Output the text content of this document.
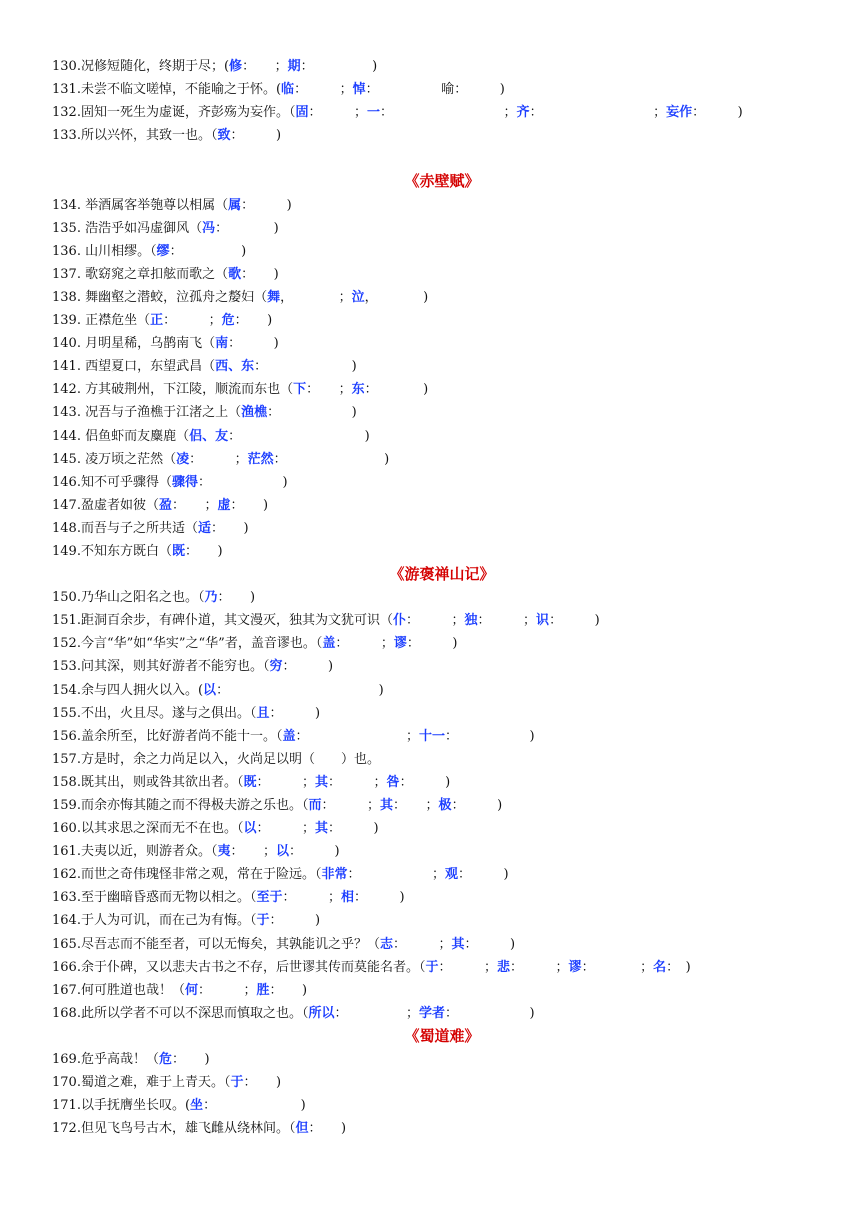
130.况修短随化，终期于尽；(修：　　；期：　　　　　)
131.未尝不临文嗟悼，不能喻之于怀。(临：　　　；悼：　　　　　 喻：　　　)
132.固知一死生为虚诞，齐彭殇为妄作。（固：　　　；一：　　　　　　　　　；齐：　　　　　　　　　；妄作：　　　)
133.所以兴怀，其致一也。（致：　　　)
《赤壁赋》
134. 举酒属客举匏尊以相属（属：　　　)
135. 浩浩乎如冯虚御风（冯：　　　　)
136. 山川相缪。（缪：　　　　　)
137. 歌窈窕之章扣舷而歌之（歌：　　)
138. 舞幽壑之潜蛟，泣孤舟之嫠妇（舞，　　　　；泣，　　　　)
139. 正襟危坐（正：　　　；危：　　)
140. 月明星稀，乌鹊南飞（南：　　　)
141. 西望夏口，东望武昌（西、东：　　　　　　　)
142. 方其破荆州，下江陵，顺流而东也（下：　　；东：　　　　)
143. 况吾与子渔樵于江渚之上（渔樵：　　　　　　)
144. 侣鱼虾而友麋鹿（侣、友：　　　　　　　　　　)
145. 凌万顷之茫然（凌：　　　；茫然：　　　　　　　　)
146.知不可乎骤得（骤得：　　　　　　)
147.盈虚者如彼（盈：　　；虚：　　)
148.而吾与子之所共适（适：　　)
149.不知东方既白（既：　　)
《游褒禅山记》
150.乃华山之阳名之也。（乃：　　)
151.距洞百余步，有碑仆道，其文漫灭，独其为文犹可识（仆：　　　；独：　　　；识：　　　)
152.今言“华”如“华实”之“华”者，盖音谬也。（盖：　　　；谬：　　　)
153.问其深，则其好游者不能穷也。（穷：　　　)
154.余与四人拥火以入。(以：　　　　　　　　　　　　)
155.不出，火且尽。遂与之俱出。（且：　　　)
156.盖余所至，比好游者尚不能十一。（盖：　　　　　　　　；十一：　　　　　　)
157.方是时，余之力尚足以入，火尚足以明（　　）也。
158.既其出，则或咎其欲出者。（既：　　　；其：　　　；咎：　　　)
159.而余亦悔其随之而不得极夫游之乐也。（而：　　　；其：　　；极：　　　)
160.以其求思之深而无不在也。（以：　　　；其：　　　)
161.夫夷以近，则游者众。（夷：　　；以：　　　)
162.而世之奇伟瑰怪非常之观，常在于险远。（非常：　　　　　　；观：　　　)
163.至于幽暗昏惑而无物以相之。（至于：　　　；相：　　　)
164.于人为可讥，而在己为有悔。（于：　　　)
165.尽吾志而不能至者，可以无悔矣，其孰能讥之乎？（志：　　　；其：　　　)
166.余于仆碑，又以悲夫古书之不存，后世谬其传而莫能名者。（于：　　　；悲：　　　；谬：　　　　；名：　)
167.何可胜道也哉！（何：　　　；胜：　　)
168.此所以学者不可以不深思而慎取之也。（所以：　　　　　；学者：　　　　　　)
《蜀道难》
169.危乎高哉！（危：　　)
170.蜀道之难，难于上青天。（于：　　)
171.以手抚膺坐长叹。(坐：　　　　　　　)
172.但见飞鸟号古木，雄飞雌从绕林间。（但：　　)
